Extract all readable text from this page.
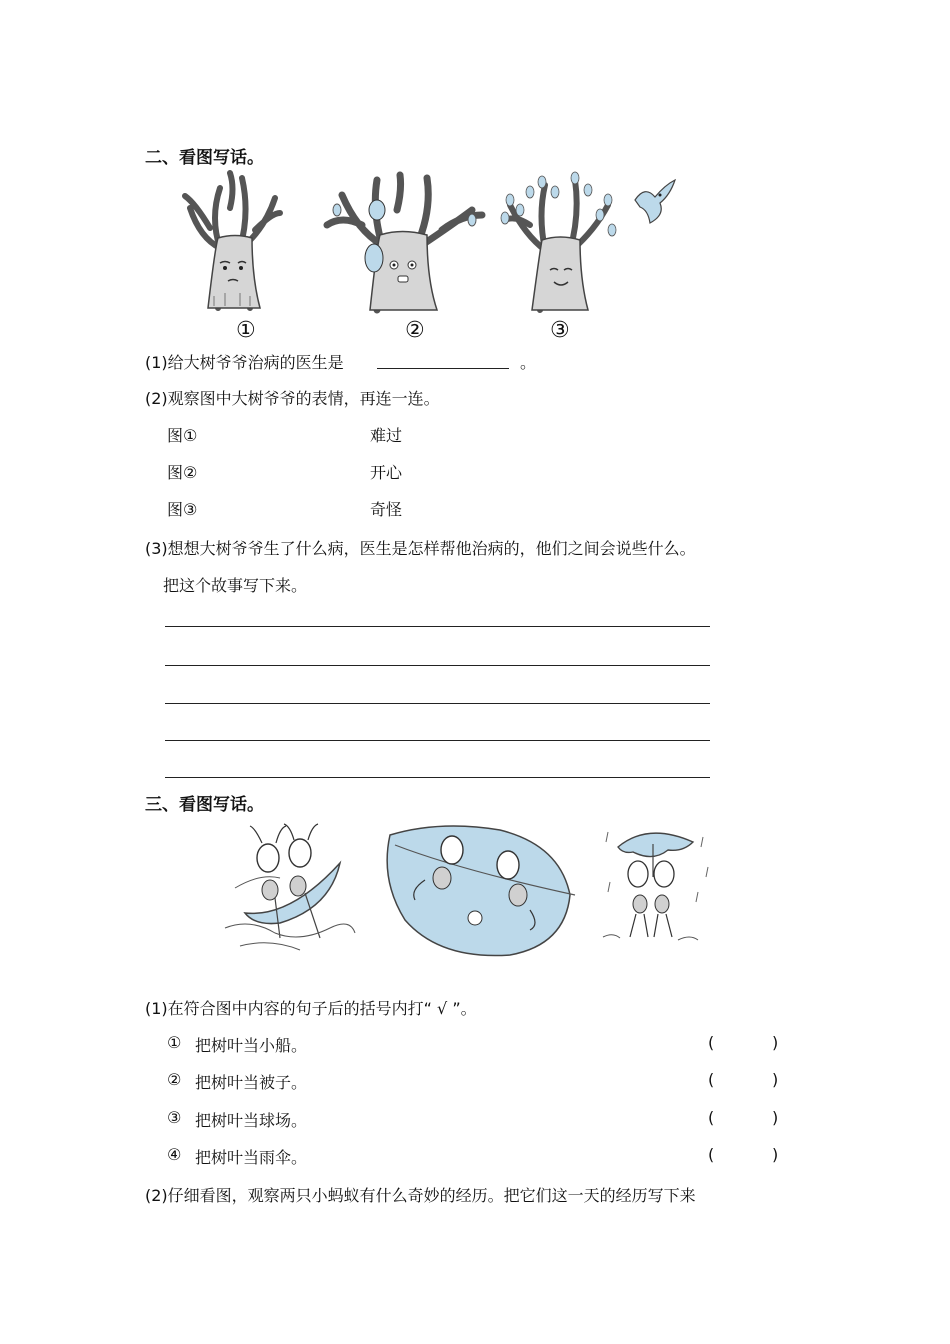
二、看图写话。
①	②	③
(1)给大树爷爷治病的医生是	。
(2)观察图中大树爷爷的表情，再连一连。
图①	难过
图②	开心
图③	奇怪
(3)想想大树爷爷生了什么病，医生是怎样帮他治病的，他们之间会说些什么。
把这个故事写下来。
三、看图写话。
(1)在符合图中内容的句子后的括号内打“ √ ”。
① 把树叶当小船。	(	)
② 把树叶当被子。	(	)
③ 把树叶当球场。	(	)
④ 把树叶当雨伞。	(	)
(2)仔细看图，观察两只小蚂蚁有什么奇妙的经历。把它们这一天的经历写下来
